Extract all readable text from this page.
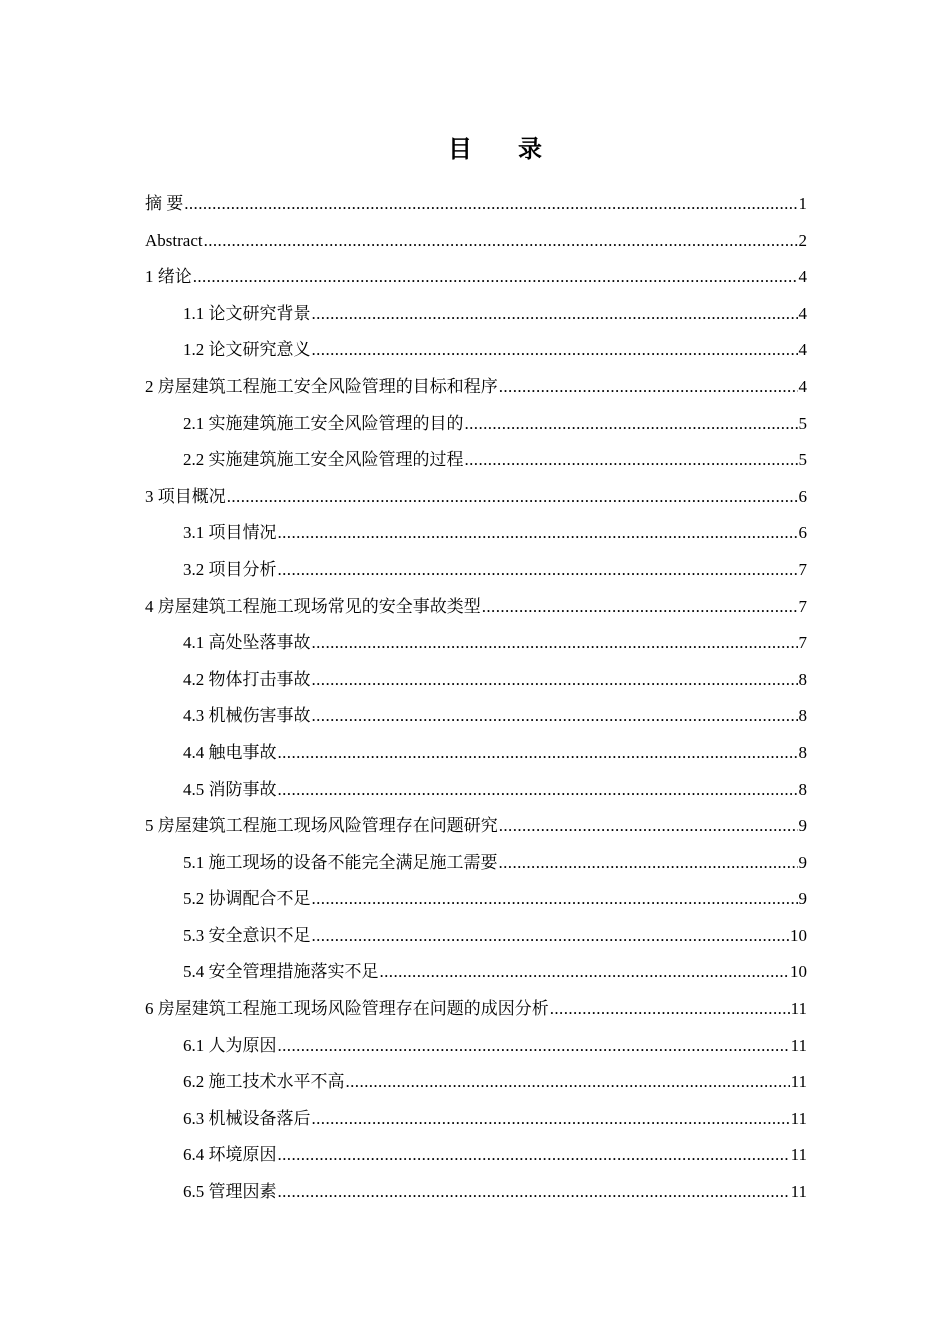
目 录
摘 要 .....	1
Abstract .....	2
1 绪论 .....	4
1.1 论文研究背景 .....	4
1.2 论文研究意义 .....	4
2 房屋建筑工程施工安全风险管理的目标和程序 .....	4
2.1 实施建筑施工安全风险管理的目的 .....	5
2.2 实施建筑施工安全风险管理的过程 .....	5
3 项目概况 .....	6
3.1 项目情况 .....	6
3.2 项目分析 .....	7
4 房屋建筑工程施工现场常见的安全事故类型 .....	7
4.1 高处坠落事故 .....	7
4.2 物体打击事故 .....	8
4.3 机械伤害事故 .....	8
4.4 触电事故 .....	8
4.5 消防事故 .....	8
5 房屋建筑工程施工现场风险管理存在问题研究 .....	9
5.1 施工现场的设备不能完全满足施工需要 .....	9
5.2 协调配合不足 .....	9
5.3 安全意识不足 .....	10
5.4 安全管理措施落实不足 .....	10
6 房屋建筑工程施工现场风险管理存在问题的成因分析 .....	11
6.1 人为原因 .....	11
6.2 施工技术水平不高 .....	11
6.3 机械设备落后 .....	11
6.4 环境原因 .....	11
6.5 管理因素 .....	11
